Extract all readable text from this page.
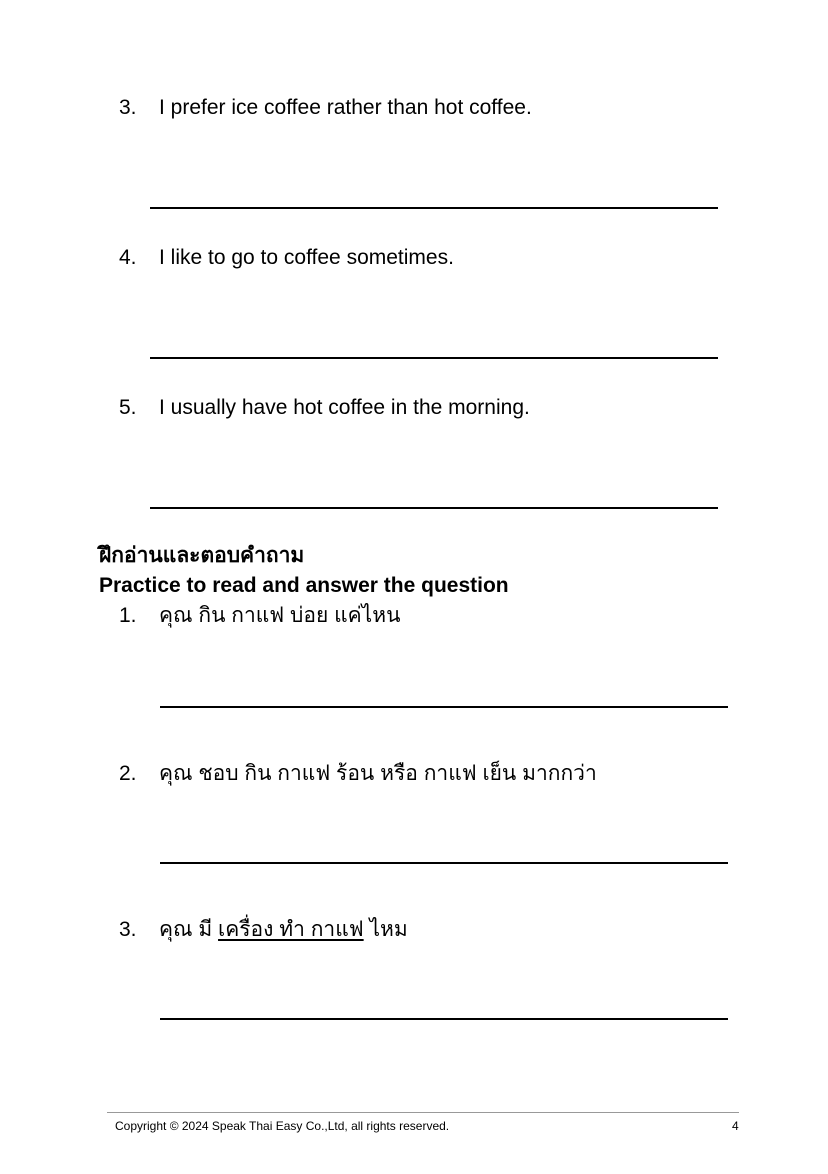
3. I prefer ice coffee rather than hot coffee.
4. I like to go to coffee sometimes.
5. I usually have hot coffee in the morning.
ฝึกอ่านและตอบคำถาม
Practice to read and answer the question
1. คุณ กิน กาแฟ บ่อย แค่ไหน
2. คุณ ชอบ กิน กาแฟ ร้อน หรือ กาแฟ เย็น มากกว่า
3. คุณ มี เครื่อง ทำ กาแฟ ไหม
Copyright © 2024 Speak Thai Easy Co.,Ltd, all rights reserved.	4
